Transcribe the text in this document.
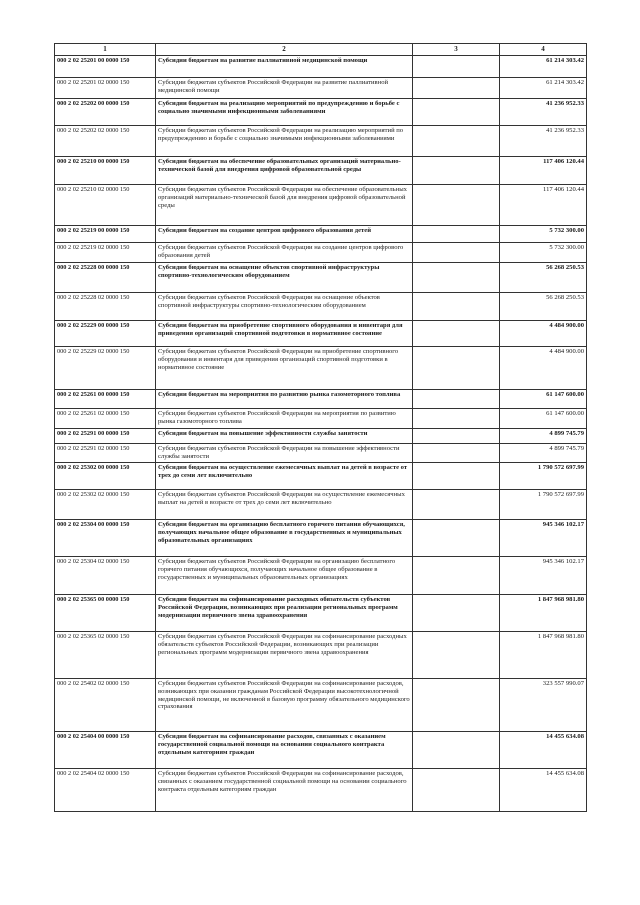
1	2	3	4
000 2 02 25201 00 0000 150	Субсидии бюджетам на развитие паллиативной медицинской помощи		61 214 303.42
000 2 02 25201 02 0000 150	Субсидии бюджетам субъектов Российской Федерации на развитие паллиативной медицинской помощи		61 214 303.42
000 2 02 25202 00 0000 150	Субсидии бюджетам на реализацию мероприятий по предупреждению и борьбе с социально значимыми инфекционными заболеваниями		41 236 952.33
000 2 02 25202 02 0000 150	Субсидии бюджетам субъектов Российской Федерации на реализацию мероприятий по предупреждению и борьбе с социально значимыми инфекционными заболеваниями		41 236 952.33
000 2 02 25210 00 0000 150	Субсидии бюджетам на обеспечение образовательных организаций материально-технической базой для внедрения цифровой образовательной среды		117 406 120.44
000 2 02 25210 02 0000 150	Субсидии бюджетам субъектов Российской Федерации на обеспечение образовательных организаций материально-технической базой для внедрения цифровой образовательной среды		117 406 120.44
000 2 02 25219 00 0000 150	Субсидии бюджетам на создание центров цифрового образования детей		5 732 300.00
000 2 02 25219 02 0000 150	Субсидии бюджетам субъектов Российской Федерации на создание центров цифрового образования детей		5 732 300.00
000 2 02 25228 00 0000 150	Субсидии бюджетам на оснащение объектов спортивной инфраструктуры спортивно-технологическим оборудованием		56 268 250.53
000 2 02 25228 02 0000 150	Субсидии бюджетам субъектов Российской Федерации на оснащение объектов спортивной инфраструктуры спортивно-технологическим оборудованием		56 268 250.53
000 2 02 25229 00 0000 150	Субсидии бюджетам на приобретение спортивного оборудования и инвентаря для приведения организаций спортивной подготовки в нормативное состояние		4 484 900.00
000 2 02 25229 02 0000 150	Субсидии бюджетам субъектов Российской Федерации на приобретение спортивного оборудования и инвентаря для приведения организаций спортивной подготовки в нормативное состояние		4 484 900.00
000 2 02 25261 00 0000 150	Субсидии бюджетам на мероприятия по развитию рынка газомоторного топлива		61 147 600.00
000 2 02 25261 02 0000 150	Субсидии бюджетам субъектов Российской Федерации на мероприятия по развитию рынка газомоторного топлива		61 147 600.00
000 2 02 25291 00 0000 150	Субсидии бюджетам на повышение эффективности службы занятости		4 899 745.79
000 2 02 25291 02 0000 150	Субсидии бюджетам субъектов Российской Федерации на повышение эффективности службы занятости		4 899 745.79
000 2 02 25302 00 0000 150	Субсидии бюджетам на осуществление ежемесячных выплат на детей в возрасте от трех до семи лет включительно		1 790 572 697.99
000 2 02 25302 02 0000 150	Субсидии бюджетам субъектов Российской Федерации на осуществление ежемесячных выплат на детей в возрасте от трех до семи лет включительно		1 790 572 697.99
000 2 02 25304 00 0000 150	Субсидии бюджетам на организацию бесплатного горячего питания обучающихся, получающих начальное общее образование в государственных и муниципальных образовательных организациях		945 346 102.17
000 2 02 25304 02 0000 150	Субсидии бюджетам субъектов Российской Федерации на организацию бесплатного горячего питания обучающихся, получающих начальное общее образование в государственных и муниципальных образовательных организациях		945 346 102.17
000 2 02 25365 00 0000 150	Субсидии бюджетам на софинансирование расходных обязательств субъектов Российской Федерации, возникающих при реализации региональных программ модернизации первичного звена здравоохранения		1 847 968 981.80
000 2 02 25365 02 0000 150	Субсидии бюджетам субъектов Российской Федерации на софинансирование расходных обязательств субъектов Российской Федерации, возникающих при реализации региональных программ модернизации первичного звена здравоохранения		1 847 968 981.80
000 2 02 25402 02 0000 150	Субсидии бюджетам субъектов Российской Федерации на софинансирование расходов, возникающих при оказании гражданам Российской Федерации высокотехнологичной медицинской помощи, не включенной в базовую программу обязательного медицинского страхования		323 557 990.07
000 2 02 25404 00 0000 150	Субсидии бюджетам на софинансирование расходов, связанных с оказанием государственной социальной помощи на основании социального контракта отдельным категориям граждан		14 455 634.08
000 2 02 25404 02 0000 150	Субсидии бюджетам субъектов Российской Федерации на софинансирование расходов, связанных с оказанием государственной социальной помощи на основании социального контракта отдельным категориям граждан		14 455 634.08
